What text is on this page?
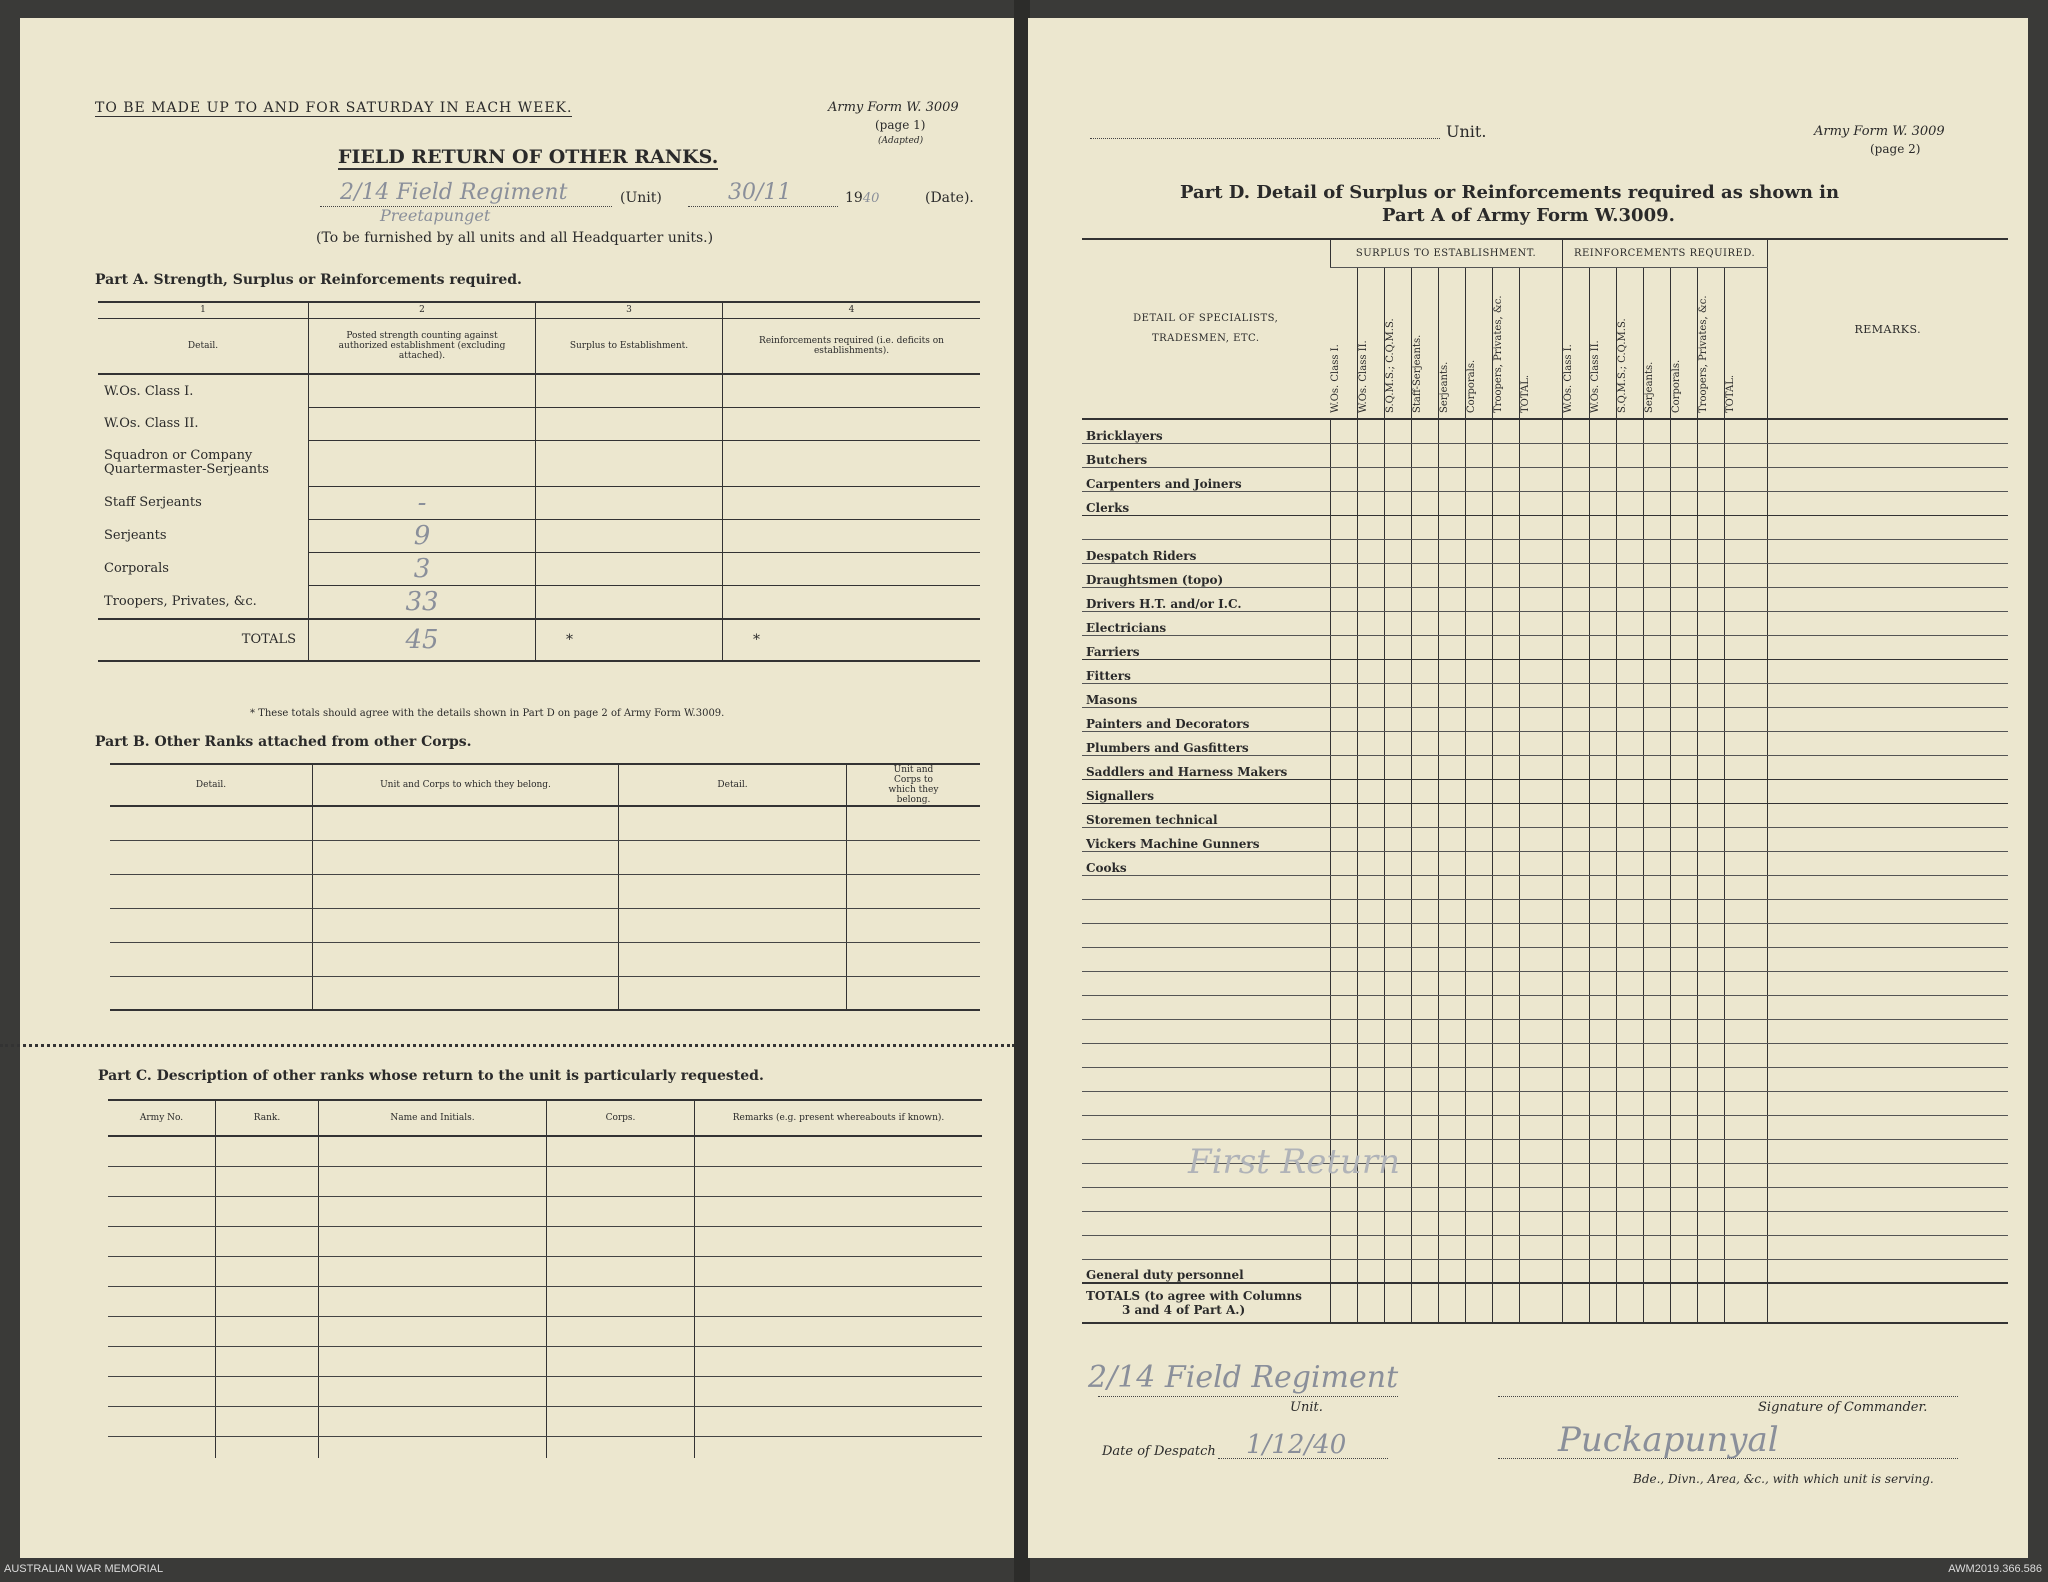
TO BE MADE UP TO AND FOR SATURDAY IN EACH WEEK.	Army Form W. 3009
(page 1)
(Adapted)
FIELD RETURN OF OTHER RANKS.
2/14 Field Regiment
Preetapunget
(Unit)	30/11	1940	(Date).
(To be furnished by all units and all Headquarter units.)
Part A. Strength, Surplus or Reinforcements required.
1	2	3	4
Detail.	Posted strength counting against authorized establishment (excluding attached).	Surplus to Establishment.	Reinforcements required (i.e. deficits on establishments).
W.Os. Class I.			
W.Os. Class II.			
Squadron or Company Quartermaster-Serjeants			
Staff Serjeants	-		
Serjeants	9		
Corporals	3		
Troopers, Privates, &c.	33		
TOTALS	45	*	*
* These totals should agree with the details shown in Part D on page 2 of Army Form W.3009.
Part B. Other Ranks attached from other Corps.
Detail.	Unit and Corps to which they belong.	Detail.	Unit and Corps to which they belong.

Part C. Description of other ranks whose return to the unit is particularly requested.
Army No.	Rank.	Name and Initials.	Corps.	Remarks (e.g. present whereabouts if known).

Unit.	Army Form W. 3009
(page 2)
Part D. Detail of Surplus or Reinforcements required as shown in
Part A of Army Form W.3009.
DETAIL OF SPECIALISTS, TRADESMEN, ETC.	SURPLUS TO ESTABLISHMENT.								REINFORCEMENTS REQUIRED.							REMARKS.

	W.Os. Class I.	W.Os. Class II.	S.Q.M.S.; C.Q.M.S.	Staff-Serjeants.	Serjeants.	Corporals.	Troopers, Privates, &c.	TOTAL.	W.Os. Class I.	W.Os. Class II.	S.Q.M.S.; C.Q.M.S.	Serjeants.	Corporals.	Troopers, Privates, &c.	TOTAL.	

Bricklayers																
Butchers																
Carpenters and Joiners																
Clerks																

Despatch Riders																
Draughtsmen (topo)																
Drivers H.T. and/or I.C.																
Electricians																
Farriers																
Fitters																
Masons																
Painters and Decorators																
Plumbers and Gasfitters																
Saddlers and Harness Makers																
Signallers																
Storemen technical																
Vickers Machine Gunners																
Cooks																

General duty personnel																

TOTALS (to agree with Columns
3 and 4 of Part A.)																

First Return
2/14 Field Regiment
Unit.	Signature of Commander.
Date of Despatch 1/12/40	Puckapunyal
Bde., Divn., Area, &c., with which unit is serving.
AUSTRALIAN WAR MEMORIAL	AWM2019.366.586
